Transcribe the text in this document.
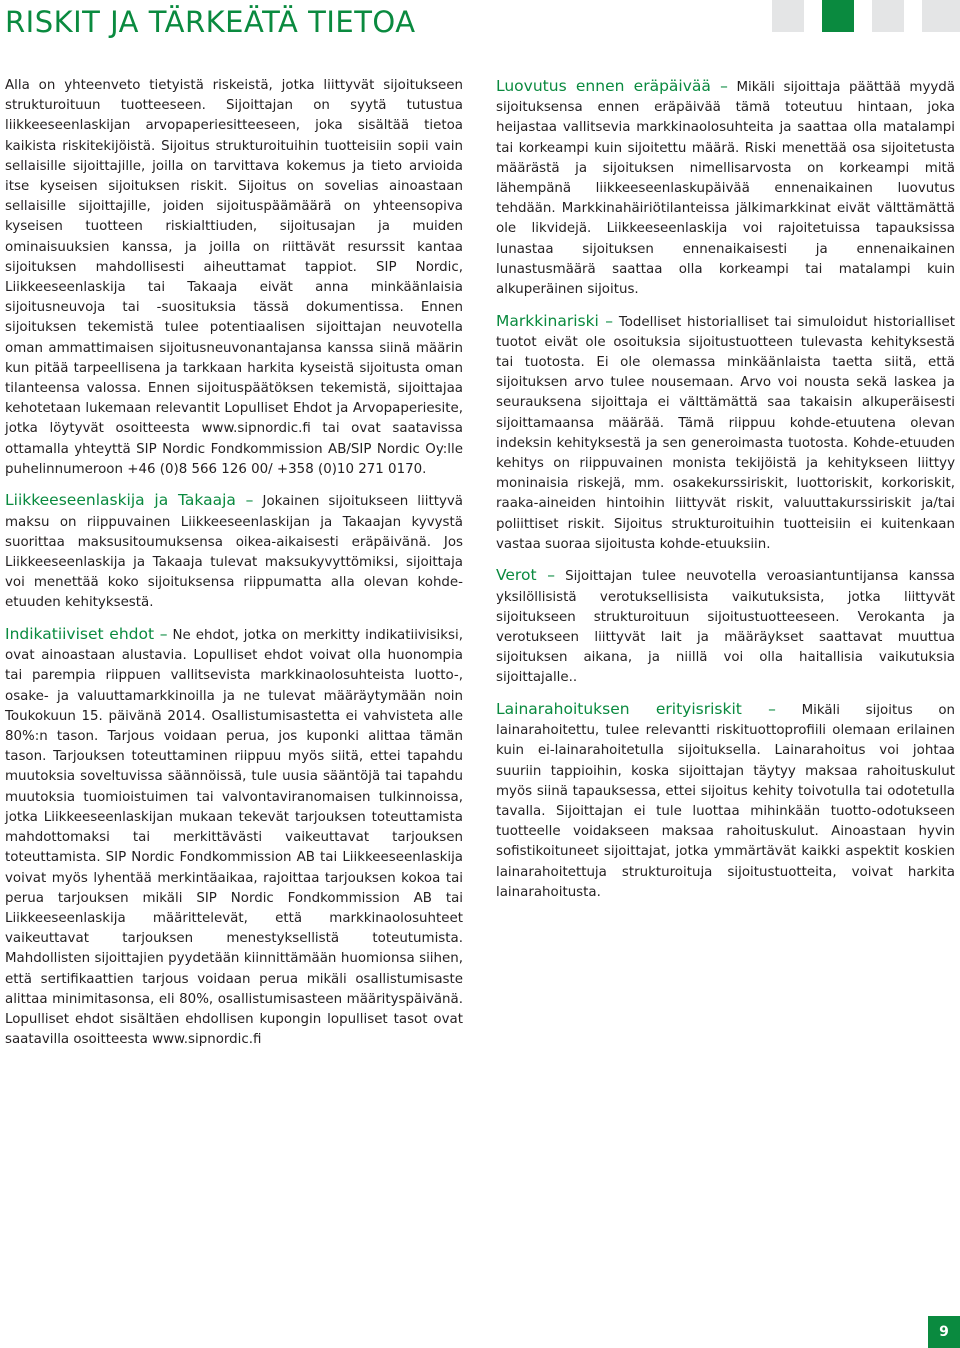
RISKIT JA TÄRKEÄTÄ TIETOA

Alla on yhteenveto tietyistä riskeistä, jotka liittyvät sijoitukseen strukturoituun tuotteeseen. Sijoittajan on syytä tutustua liikkeeseenlaskijan arvopaperiesitteeseen, joka sisältää tietoa kaikista riskitekijöistä. Sijoitus strukturoituihin tuotteisiin sopii vain sellaisille sijoittajille, joilla on tarvittava kokemus ja tieto arvioida itse kyseisen sijoituksen riskit. Sijoitus on sovelias ainoastaan sellaisille sijoittajille, joiden sijoituspäämäärä on yhteensopiva kyseisen tuotteen riskialttiuden, sijoitusajan ja muiden ominaisuuksien kanssa, ja joilla on riittävät resurssit kantaa sijoituksen mahdollisesti aiheuttamat tappiot. SIP Nordic, Liikkeeseenlaskija tai Takaaja eivät anna minkäänlaisia sijoitusneuvoja tai -suosituksia tässä dokumentissa. Ennen sijoituksen tekemistä tulee potentiaalisen sijoittajan neuvotella oman ammattimaisen sijoitusneuvonantajansa kanssa siinä määrin kun pitää tarpeellisena ja tarkkaan harkita kyseistä sijoitusta oman tilanteensa valossa. Ennen sijoituspäätöksen tekemistä, sijoittajaa kehotetaan lukemaan relevantit Lopulliset Ehdot ja Arvopaperiesite, jotka löytyvät osoitteesta www.sipnordic.fi tai ovat saatavissa ottamalla yhteyttä SIP Nordic Fondkommission AB/SIP Nordic Oy:lle puhelinnumeroon +46 (0)8 566 126 00/ +358 (0)10 271 0170.

Liikkeeseenlaskija ja Takaaja – Jokainen sijoitukseen liittyvä maksu on riippuvainen Liikkeeseenlaskijan ja Takaajan kyvystä suorittaa maksusitoumuksensa oikea-aikaisesti eräpäivänä. Jos Liikkeeseenlaskija ja Takaaja tulevat maksukyvyttömiksi, sijoittaja voi menettää koko sijoituksensa riippumatta alla olevan kohde-etuuden kehityksestä.

Indikatiiviset ehdot – Ne ehdot, jotka on merkitty indikatiivisiksi, ovat ainoastaan alustavia. Lopulliset ehdot voivat olla huonompia tai parempia riippuen vallitsevista markkinaolosuhteista luotto-, osake- ja valuuttamarkkinoilla ja ne tulevat määräytymään noin Toukokuun 15. päivänä 2014. Osallistumisastetta ei vahvisteta alle 80%:n tason. Tarjous voidaan perua, jos kuponki alittaa tämän tason. Tarjouksen toteuttaminen riippuu myös siitä, ettei tapahdu muutoksia soveltuvissa säännöissä, tule uusia sääntöjä tai tapahdu muutoksia tuomioistuimen tai valvontaviranomaisen tulkinnoissa, jotka Liikkeeseenlaskijan mukaan tekevät tarjouksen toteuttamista mahdottomaksi tai merkittävästi vaikeuttavat tarjouksen toteuttamista. SIP Nordic Fondkommission AB tai Liikkeeseenlaskija voivat myös lyhentää merkintäaikaa, rajoittaa tarjouksen kokoa tai perua tarjouksen mikäli SIP Nordic Fondkommission AB tai Liikkeeseenlaskija määrittelevät, että markkinaolosuhteet vaikeuttavat tarjouksen menestyksellistä toteutumista. Mahdollisten sijoittajien pyydetään kiinnittämään huomionsa siihen, että sertifikaattien tarjous voidaan perua mikäli osallistumisaste alittaa minimitasonsa, eli 80%, osallistumisasteen määrityspäivänä. Lopulliset ehdot sisältäen ehdollisen kupongin lopulliset tasot ovat saatavilla osoitteesta www.sipnordic.fi

Luovutus ennen eräpäivää – Mikäli sijoittaja päättää myydä sijoituksensa ennen eräpäivää tämä toteutuu hintaan, joka heijastaa vallitsevia markkinaolosuhteita ja saattaa olla matalampi tai korkeampi kuin sijoitettu määrä. Riski menettää osa sijoitetusta määrästä ja sijoituksen nimellisarvosta on korkeampi mitä lähempänä liikkeeseenlaskupäivää ennenaikainen luovutus tehdään. Markkinahäiriötilanteissa jälkimarkkinat eivät välttämättä ole likvidejä. Liikkeeseenlaskija voi rajoitetuissa tapauksissa lunastaa sijoituksen ennenaikaisesti ja ennenaikainen lunastusmäärä saattaa olla korkeampi tai matalampi kuin alkuperäinen sijoitus.

Markkinariski – Todelliset historialliset tai simuloidut historialliset tuotot eivät ole osoituksia sijoitustuotteen tulevasta kehityksestä tai tuotosta. Ei ole olemassa minkäänlaista taetta siitä, että sijoituksen arvo tulee nousemaan. Arvo voi nousta sekä laskea ja seurauksena sijoittaja ei välttämättä saa takaisin alkuperäisesti sijoittamaansa määrää. Tämä riippuu kohde-etuutena olevan indeksin kehityksestä ja sen generoimasta tuotosta. Kohde-etuuden kehitys on riippuvainen monista tekijöistä ja kehitykseen liittyy moninaisia riskejä, mm. osakekurssiriskit, luottoriskit, korkoriskit, raaka-aineiden hintoihin liittyvät riskit, valuuttakurssiriskit ja/tai poliittiset riskit. Sijoitus strukturoituihin tuotteisiin ei kuitenkaan vastaa suoraa sijoitusta kohde-etuuksiin.

Verot – Sijoittajan tulee neuvotella veroasiantuntijansa kanssa yksilöllisistä verotuksellisista vaikutuksista, jotka liittyvät sijoitukseen strukturoituun sijoitustuotteeseen. Verokanta ja verotukseen liittyvät lait ja määräykset saattavat muuttua sijoituksen aikana, ja niillä voi olla haitallisia vaikutuksia sijoittajalle..

Lainarahoituksen erityisriskit – Mikäli sijoitus on lainarahoitettu, tulee relevantti riskituottoprofiili olemaan erilainen kuin ei-lainarahoitetulla sijoituksella. Lainarahoitus voi johtaa suuriin tappioihin, koska sijoittajan täytyy maksaa rahoituskulut myös siinä tapauksessa, ettei sijoitus kehity toivotulla tai odotetulla tavalla. Sijoittajan ei tule luottaa mihinkään tuotto-odotukseen tuotteelle voidakseen maksaa rahoituskulut. Ainoastaan hyvin sofistikoituneet sijoittajat, jotka ymmärtävät kaikki aspektit koskien lainarahoitettuja strukturoituja sijoitustuotteita, voivat harkita lainarahoitusta.

9
